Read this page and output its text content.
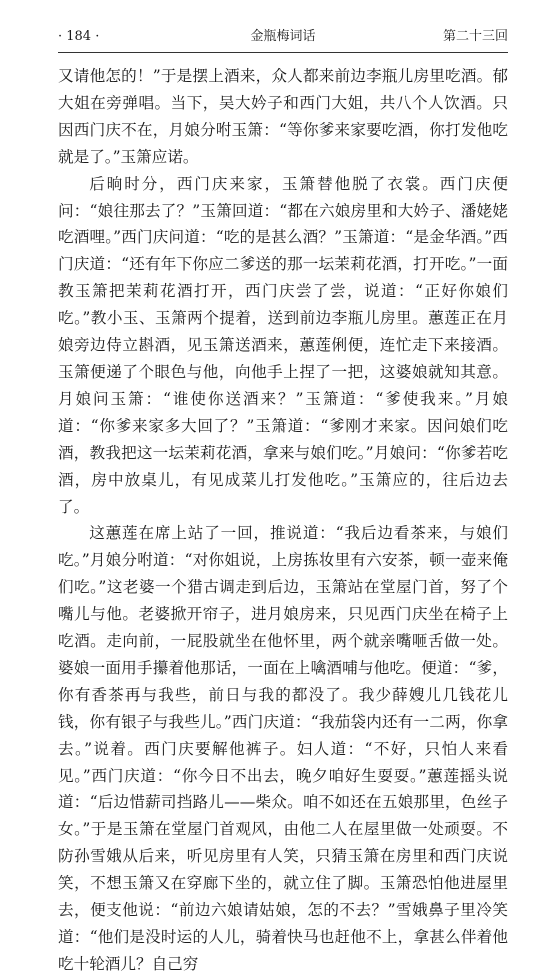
· 184 ·	金瓶梅词话	第二十三回

又请他怎的！”于是摆上酒来，众人都来前边李瓶儿房里吃酒。郁大姐在旁弹唱。当下，吴大妗子和西门大姐，共八个人饮酒。只因西门庆不在，月娘分咐玉箫：“等你爹来家要吃酒，你打发他吃就是了。”玉箫应诺。

后晌时分，西门庆来家，玉箫替他脱了衣裳。西门庆便问：“娘往那去了？”玉箫回道：“都在六娘房里和大妗子、潘姥姥吃酒哩。”西门庆问道：“吃的是甚么酒？”玉箫道：“是金华酒。”西门庆道：“还有年下你应二爹送的那一坛茉莉花酒，打开吃。”一面教玉箫把茉莉花酒打开，西门庆尝了尝，说道：“正好你娘们吃。”教小玉、玉箫两个提着，送到前边李瓶儿房里。蕙莲正在月娘旁边侍立斟酒，见玉箫送酒来，蕙莲俐便，连忙走下来接酒。玉箫便递了个眼色与他，向他手上捏了一把，这婆娘就知其意。月娘问玉箫：“谁使你送酒来？”玉箫道：“爹使我来。”月娘道：“你爹来家多大回了？”玉箫道：“爹刚才来家。因问娘们吃酒，教我把这一坛茉莉花酒，拿来与娘们吃。”月娘问：“你爹若吃酒，房中放桌儿，有见成菜儿打发他吃。”玉箫应的，往后边去了。

这蕙莲在席上站了一回，推说道：“我后边看茶来，与娘们吃。”月娘分咐道：“对你姐说，上房拣妆里有六安茶，顿一壶来俺们吃。”这老婆一个猎古调走到后边，玉箫站在堂屋门首，努了个嘴儿与他。老婆掀开帘子，进月娘房来，只见西门庆坐在椅子上吃酒。走向前，一屁股就坐在他怀里，两个就亲嘴咂舌做一处。婆娘一面用手攥着他那话，一面在上噙酒哺与他吃。便道：“爹，你有香茶再与我些，前日与我的都没了。我少薛嫂儿几钱花儿钱，你有银子与我些儿。”西门庆道：“我茄袋内还有一二两，你拿去。”说着。西门庆要解他裤子。妇人道：“不好，只怕人来看见。”西门庆道：“你今日不出去，晚夕咱好生耍耍。”蕙莲摇头说道：“后边惜薪司挡路儿——柴众。咱不如还在五娘那里，色丝子女。”于是玉箫在堂屋门首观风，由他二人在屋里做一处顽耍。不防孙雪娥从后来，听见房里有人笑，只猜玉箫在房里和西门庆说笑，不想玉箫又在穿廊下坐的，就立住了脚。玉箫恐怕他进屋里去，便支他说：“前边六娘请姑娘，怎的不去？”雪娥鼻子里冷笑道：“他们是没时运的人儿，骑着快马也赶他不上，拿甚么伴着他吃十轮酒儿？自己穷
